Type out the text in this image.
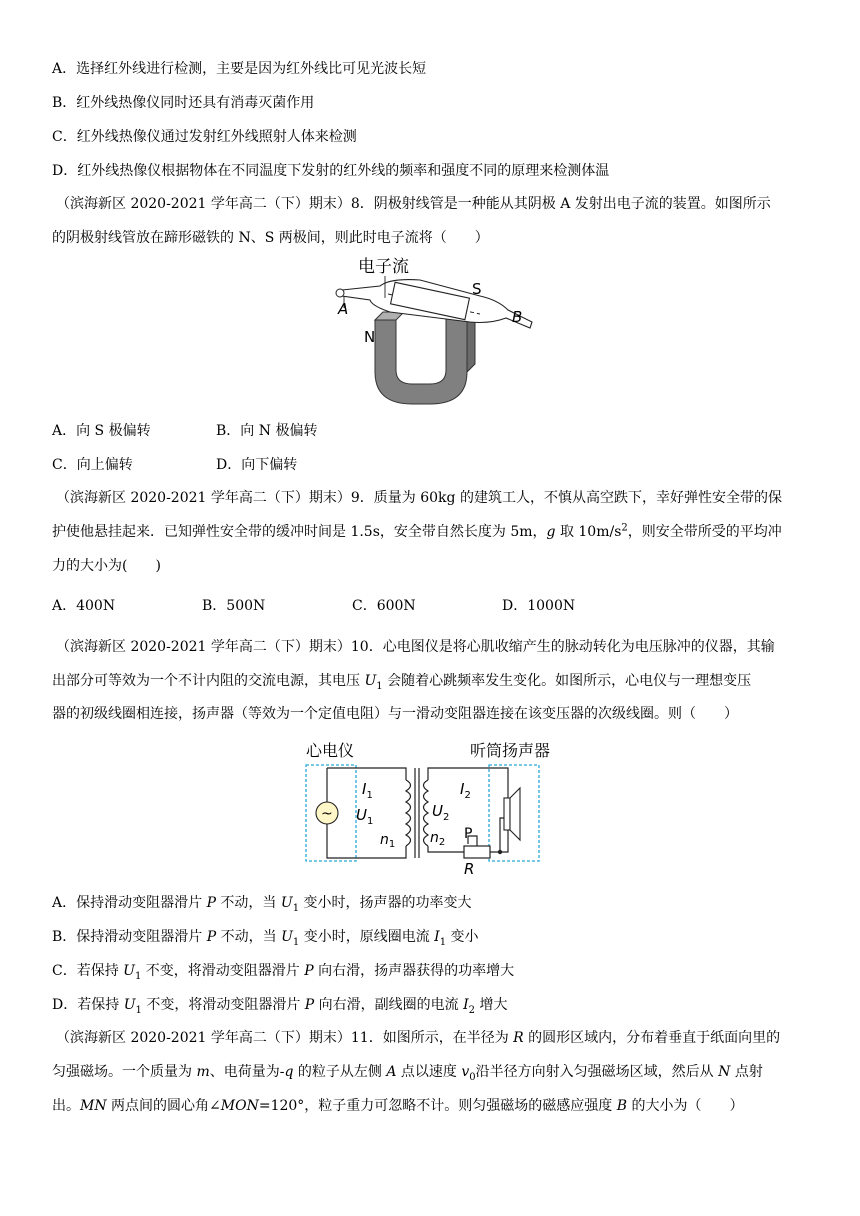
A．选择红外线进行检测，主要是因为红外线比可见光波长短
B．红外线热像仪同时还具有消毒灭菌作用
C．红外线热像仪通过发射红外线照射人体来检测
D．红外线热像仪根据物体在不同温度下发射的红外线的频率和强度不同的原理来检测体温
（滨海新区 2020-2021 学年高二（下）期末）8．阴极射线管是一种能从其阴极 A 发射出电子流的装置。如图所示
的阴极射线管放在蹄形磁铁的 N、S 两极间，则此时电子流将（　　）
电子流
A	B
N
S
A．向 S 极偏转	B．向 N 极偏转
C．向上偏转	D．向下偏转
（滨海新区 2020-2021 学年高二（下）期末）9．质量为 60kg 的建筑工人，不慎从高空跌下，幸好弹性安全带的保
护使他悬挂起来．已知弹性安全带的缓冲时间是 1.5s，安全带自然长度为 5m，g 取 $10m/s^2$，则安全带所受的平均冲
力的大小为(　　)
A．400N	B．500N	C．600N	D．1000N
（滨海新区 2020-2021 学年高二（下）期末）10．心电图仪是将心肌收缩产生的脉动转化为电压脉冲的仪器，其输
出部分可等效为一个不计内阻的交流电源，其电压 $U_1$ 会随着心跳频率发生变化。如图所示，心电仪与一理想变压
器的初级线圈相连接，扬声器（等效为一个定值电阻）与一滑动变阻器连接在该变压器的次级线圈。则（　　）
心电仪	听筒扬声器
~
$I_1$
$U_1$
$n_1$
$I_2$
$U_2$
$n_2$
P
R
A．保持滑动变阻器滑片 P 不动，当 $U_1$ 变小时，扬声器的功率变大
B．保持滑动变阻器滑片 P 不动，当 $U_1$ 变小时，原线圈电流 $I_1$ 变小
C．若保持 $U_1$ 不变，将滑动变阻器滑片 P 向右滑，扬声器获得的功率增大
D．若保持 $U_1$ 不变，将滑动变阻器滑片 P 向右滑，副线圈的电流 $I_2$ 增大
（滨海新区 2020-2021 学年高二（下）期末）11．如图所示，在半径为 R 的圆形区域内，分布着垂直于纸面向里的
匀强磁场。一个质量为 m、电荷量为-q 的粒子从左侧 A 点以速度 $v_0$沿半径方向射入匀强磁场区域，然后从 N 点射
出。MN 两点间的圆心角∠MON=120°，粒子重力可忽略不计。则匀强磁场的磁感应强度 B 的大小为（　　）
